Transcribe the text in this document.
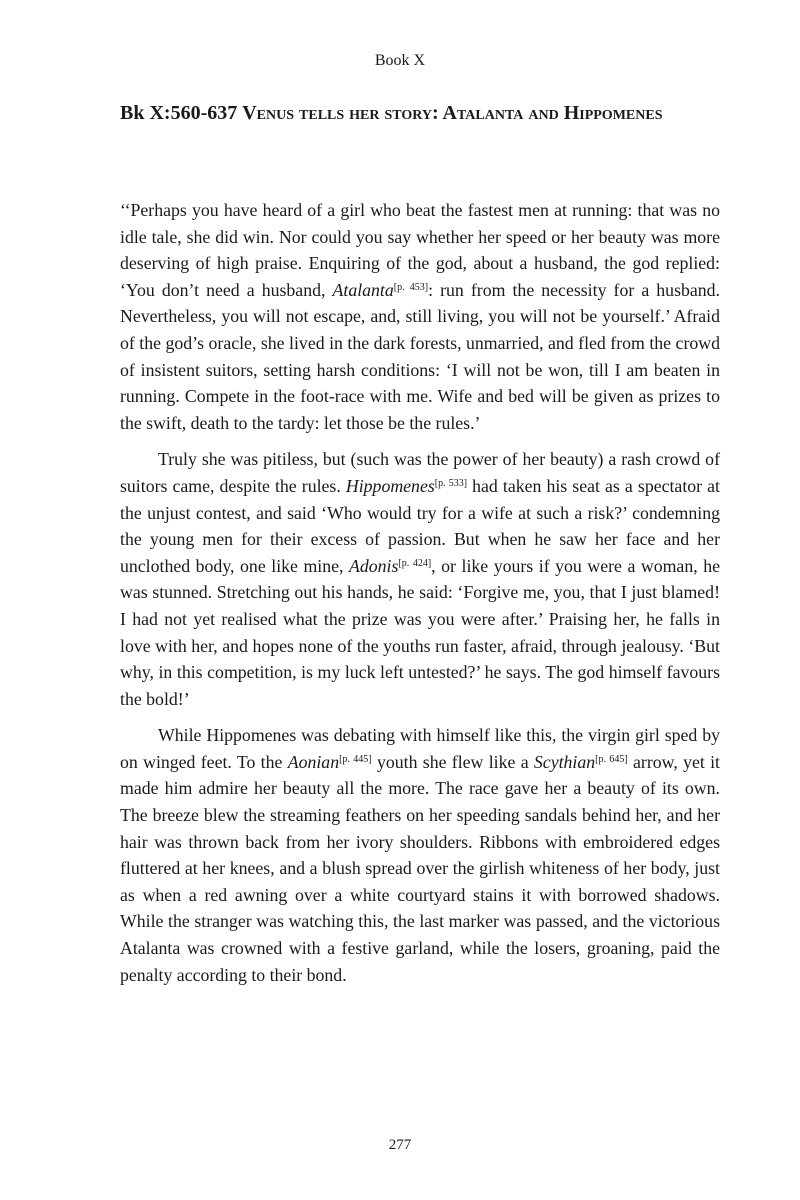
Book X
Bk X:560-637 Venus tells her story: Atalanta and Hippomenes

‘‘Perhaps you have heard of a girl who beat the fastest men at running: that was no idle tale, she did win. Nor could you say whether her speed or her beauty was more deserving of high praise. Enquiring of the god, about a husband, the god replied: ‘You don’t need a husband, Atalanta[p. 453]: run from the necessity for a husband. Nevertheless, you will not escape, and, still living, you will not be yourself.’ Afraid of the god’s oracle, she lived in the dark forests, unmarried, and fled from the crowd of insistent suitors, setting harsh conditions: ‘I will not be won, till I am beaten in running. Compete in the foot-race with me. Wife and bed will be given as prizes to the swift, death to the tardy: let those be the rules.’

Truly she was pitiless, but (such was the power of her beauty) a rash crowd of suitors came, despite the rules. Hippomenes[p. 533] had taken his seat as a spectator at the unjust contest, and said ‘Who would try for a wife at such a risk?’ condemning the young men for their excess of passion. But when he saw her face and her unclothed body, one like mine, Adonis[p. 424], or like yours if you were a woman, he was stunned. Stretching out his hands, he said: ‘Forgive me, you, that I just blamed! I had not yet realised what the prize was you were after.’ Praising her, he falls in love with her, and hopes none of the youths run faster, afraid, through jealousy. ‘But why, in this competition, is my luck left untested?’ he says. The god himself favours the bold!’

While Hippomenes was debating with himself like this, the virgin girl sped by on winged feet. To the Aonian[p. 445] youth she flew like a Scythian[p. 645] arrow, yet it made him admire her beauty all the more. The race gave her a beauty of its own. The breeze blew the streaming feathers on her speeding sandals behind her, and her hair was thrown back from her ivory shoulders. Ribbons with embroidered edges fluttered at her knees, and a blush spread over the girlish whiteness of her body, just as when a red awning over a white courtyard stains it with borrowed shadows. While the stranger was watching this, the last marker was passed, and the victorious Atalanta was crowned with a festive garland, while the losers, groaning, paid the penalty according to their bond.

277
